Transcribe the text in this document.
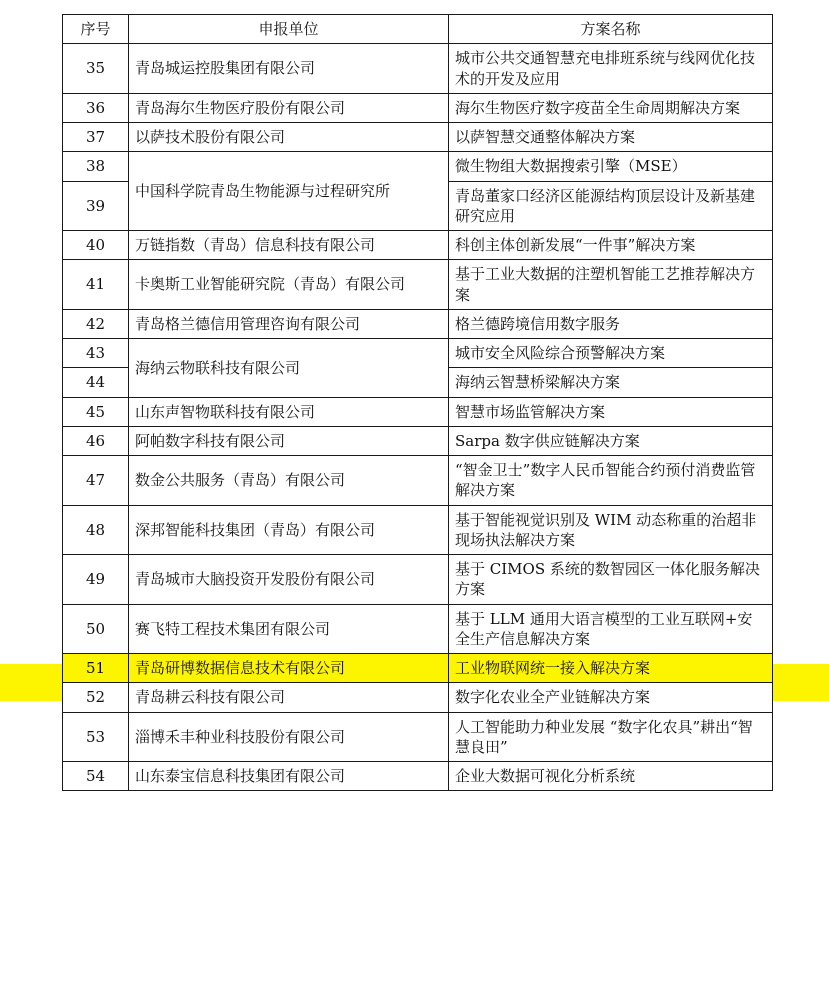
序号	申报单位	方案名称
35	青岛城运控股集团有限公司	城市公共交通智慧充电排班系统与线网优化技术的开发及应用
36	青岛海尔生物医疗股份有限公司	海尔生物医疗数字疫苗全生命周期解决方案
37	以萨技术股份有限公司	以萨智慧交通整体解决方案
38	中国科学院青岛生物能源与过程研究所	微生物组大数据搜索引擎（MSE）
39		青岛董家口经济区能源结构顶层设计及新基建研究应用
40	万链指数（青岛）信息科技有限公司	科创主体创新发展“一件事”解决方案
41	卡奥斯工业智能研究院（青岛）有限公司	基于工业大数据的注塑机智能工艺推荐解决方案
42	青岛格兰德信用管理咨询有限公司	格兰德跨境信用数字服务
43	海纳云物联科技有限公司	城市安全风险综合预警解决方案
44		海纳云智慧桥梁解决方案
45	山东声智物联科技有限公司	智慧市场监管解决方案
46	阿帕数字科技有限公司	Sarpa 数字供应链解决方案
47	数金公共服务（青岛）有限公司	“智金卫士”数字人民币智能合约预付消费监管解决方案
48	深邦智能科技集团（青岛）有限公司	基于智能视觉识别及 WIM 动态称重的治超非现场执法解决方案
49	青岛城市大脑投资开发股份有限公司	基于 CIMOS 系统的数智园区一体化服务解决方案
50	赛飞特工程技术集团有限公司	基于 LLM 通用大语言模型的工业互联网+安全生产信息解决方案
51	青岛研博数据信息技术有限公司	工业物联网统一接入解决方案
52	青岛耕云科技有限公司	数字化农业全产业链解决方案
53	淄博禾丰种业科技股份有限公司	人工智能助力种业发展 “数字化农具”耕出“智慧良田”
54	山东泰宝信息科技集团有限公司	企业大数据可视化分析系统
